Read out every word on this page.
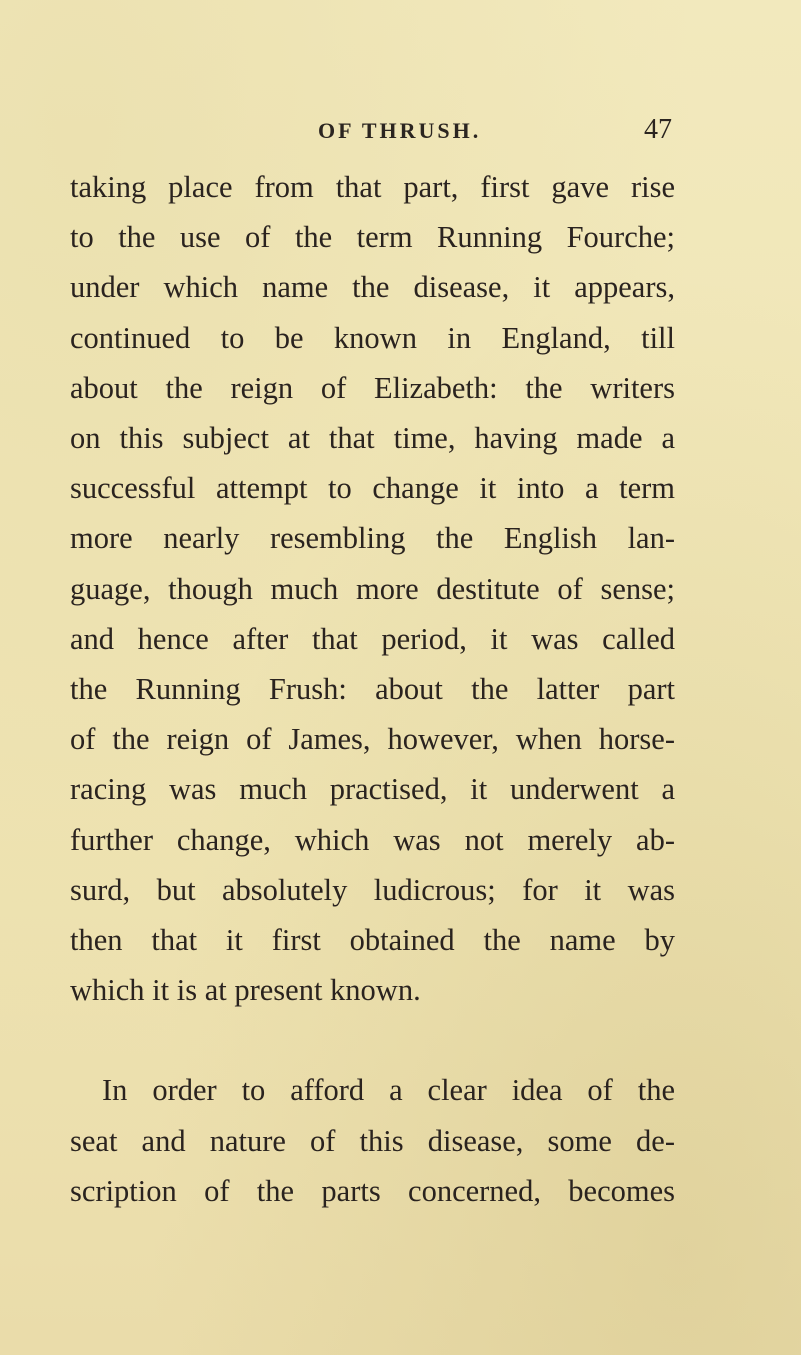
OF THRUSH.	47
taking place from that part, first gave rise
to the use of the term Running Fourche;
under which name the disease, it appears,
continued to be known in England, till
about the reign of Elizabeth: the writers
on this subject at that time, having made a
successful attempt to change it into a term
more nearly resembling the English lan-
guage, though much more destitute of sense;
and hence after that period, it was called
the Running Frush: about the latter part
of the reign of James, however, when horse-
racing was much practised, it underwent a
further change, which was not merely ab-
surd, but absolutely ludicrous; for it was
then that it first obtained the name by
which it is at present known.
In order to afford a clear idea of the
seat and nature of this disease, some de-
scription of the parts concerned, becomes
